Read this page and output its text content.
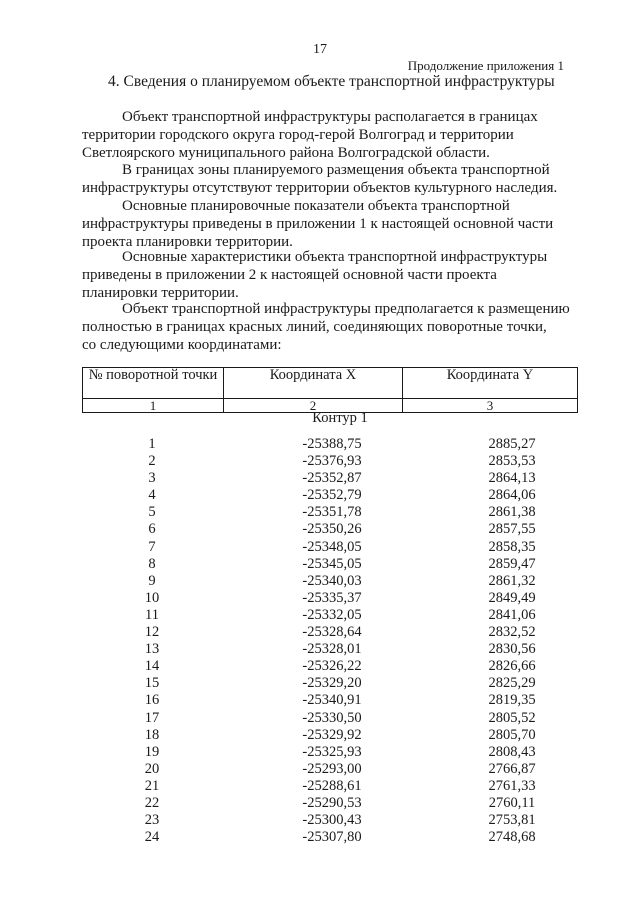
17
Продолжение приложения 1
4. Сведения о планируемом объекте транспортной инфраструктуры

Объект транспортной инфраструктуры располагается в границах
территории городского округа город-герой Волгоград и территории
Светлоярского муниципального района Волгоградской области.

В границах зоны планируемого размещения объекта транспортной
инфраструктуры отсутствуют территории объектов культурного наследия.

Основные планировочные показатели объекта транспортной
инфраструктуры приведены в приложении 1 к настоящей основной части
проекта планировки территории.

Основные характеристики объекта транспортной инфраструктуры
приведены в приложении 2 к настоящей основной части проекта
планировки территории.

Объект транспортной инфраструктуры предполагается к размещению
полностью в границах красных линий, соединяющих поворотные точки,
со следующими координатами:

№ поворотной точки	Координата X	Координата Y
1	2	3
Контур 1
1	-25388,75	2885,27
2	-25376,93	2853,53
3	-25352,87	2864,13
4	-25352,79	2864,06
5	-25351,78	2861,38
6	-25350,26	2857,55
7	-25348,05	2858,35
8	-25345,05	2859,47
9	-25340,03	2861,32
10	-25335,37	2849,49
11	-25332,05	2841,06
12	-25328,64	2832,52
13	-25328,01	2830,56
14	-25326,22	2826,66
15	-25329,20	2825,29
16	-25340,91	2819,35
17	-25330,50	2805,52
18	-25329,92	2805,70
19	-25325,93	2808,43
20	-25293,00	2766,87
21	-25288,61	2761,33
22	-25290,53	2760,11
23	-25300,43	2753,81
24	-25307,80	2748,68
